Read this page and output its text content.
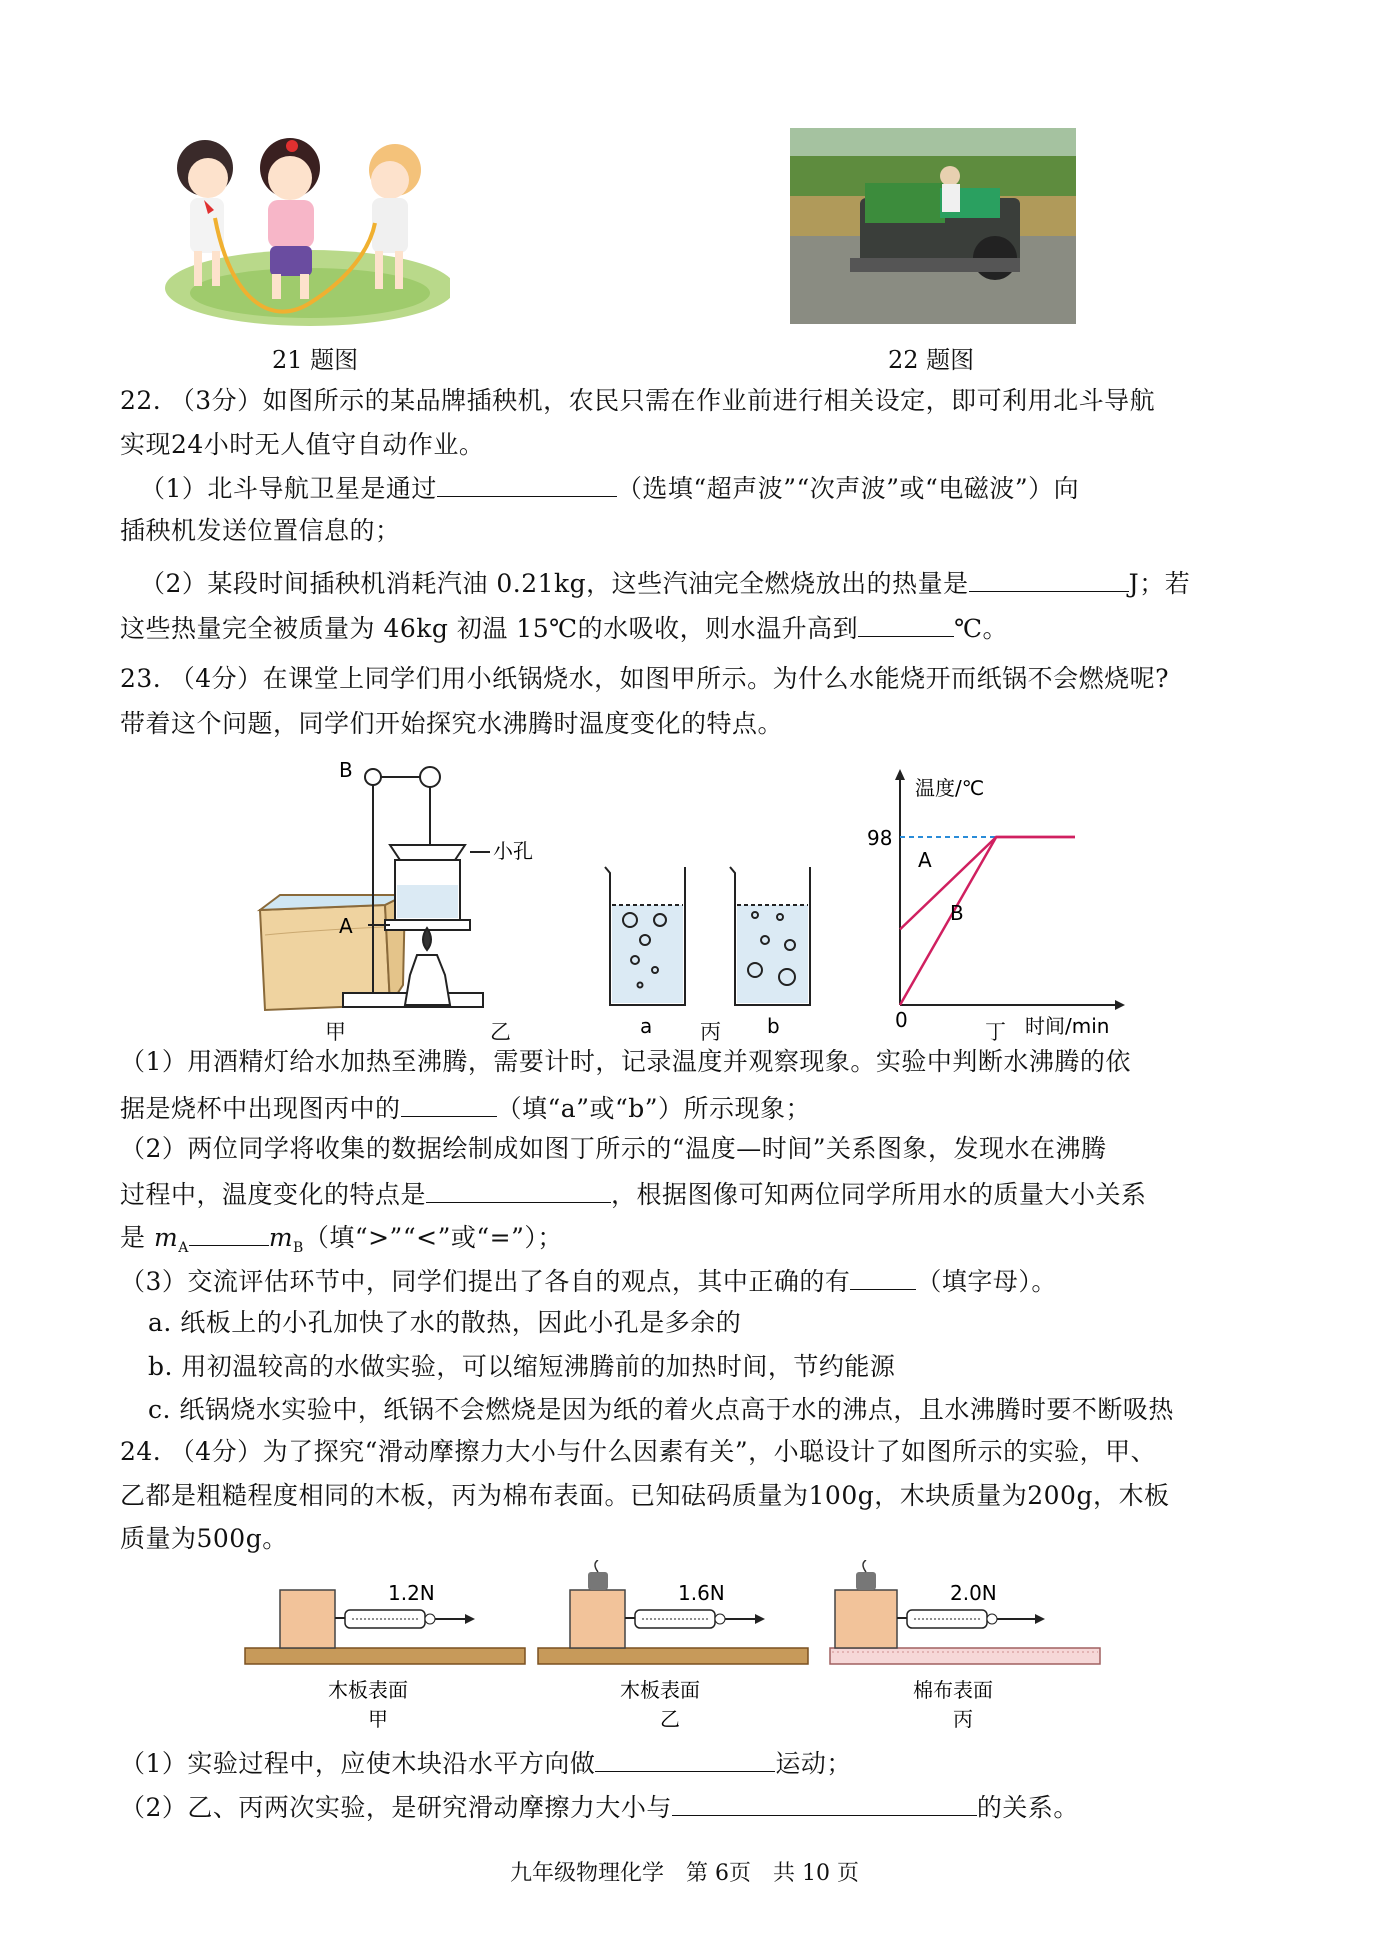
21 题图	22 题图
22. （3分）如图所示的某品牌插秧机，农民只需在作业前进行相关设定，即可利用北斗导航
实现24小时无人值守自动作业。
（1）北斗导航卫星是通过	（选填“超声波”“次声波”或“电磁波”）向
插秧机发送位置信息的；
（2）某段时间插秧机消耗汽油 0.21kg，这些汽油完全燃烧放出的热量是	J；若
这些热量完全被质量为 46kg 初温 15℃的水吸收，则水温升高到	℃。
23. （4分）在课堂上同学们用小纸锅烧水，如图甲所示。为什么水能烧开而纸锅不会燃烧呢?
带着这个问题，同学们开始探究水沸腾时温度变化的特点。
B
A
小孔
a	b
温度/℃
时间/min
0
98
A
B
甲	乙	丙	丁
（1）用酒精灯给水加热至沸腾，需要计时，记录温度并观察现象。实验中判断水沸腾的依
据是烧杯中出现图丙中的	（填“a”或“b”）所示现象；
（2）两位同学将收集的数据绘制成如图丁所示的“温度—时间”关系图象，发现水在沸腾
过程中，温度变化的特点是	，根据图像可知两位同学所用水的质量大小关系
是 $m_A$	$m_B$（填“>”“<”或“=”）；
（3）交流评估环节中，同学们提出了各自的观点，其中正确的有	（填字母）。
a. 纸板上的小孔加快了水的散热，因此小孔是多余的
b. 用初温较高的水做实验，可以缩短沸腾前的加热时间，节约能源
c. 纸锅烧水实验中，纸锅不会燃烧是因为纸的着火点高于水的沸点，且水沸腾时要不断吸热
24. （4分）为了探究“滑动摩擦力大小与什么因素有关”，小聪设计了如图所示的实验，甲、
乙都是粗糙程度相同的木板，丙为棉布表面。已知砝码质量为100g，木块质量为200g，木板
质量为500g。
1.2N	1.6N	2.0N
木板表面	木板表面	棉布表面
甲	乙	丙
（1）实验过程中，应使木块沿水平方向做	运动；
（2）乙、丙两次实验，是研究滑动摩擦力大小与	的关系。
九年级物理化学　第 6页　共 10 页
